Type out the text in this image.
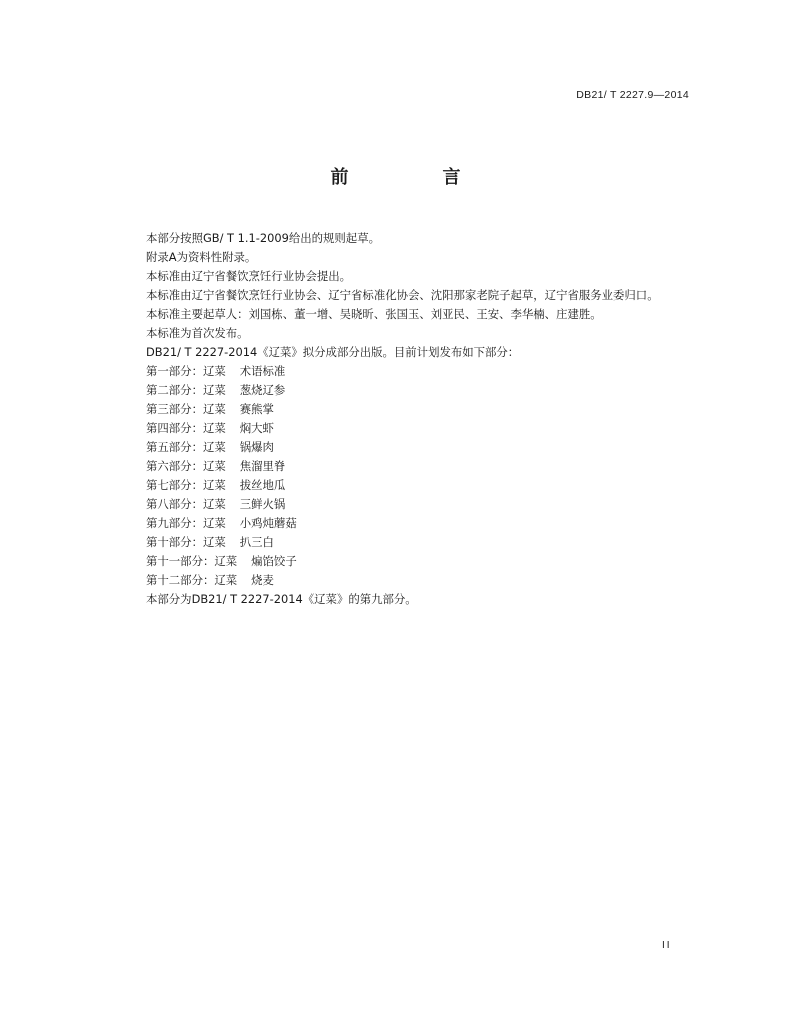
DB21/ T 2227.9—2014
前　言

本部分按照GB/ T 1.1-2009给出的规则起草。

附录A为资料性附录。

本标准由辽宁省餐饮烹饪行业协会提出。

本标准由辽宁省餐饮烹饪行业协会、辽宁省标准化协会、沈阳那家老院子起草，辽宁省服务业委归口。

本标准主要起草人：刘国栋、董一增、吴晓昕、张国玉、刘亚民、王安、李华楠、庄建胜。

本标准为首次发布。

DB21/ T 2227-2014《辽菜》拟分成部分出版。目前计划发布如下部分：

第一部分：辽菜 术语标准

第二部分：辽菜 葱烧辽参

第三部分：辽菜 赛熊掌

第四部分：辽菜 焖大虾

第五部分：辽菜 锅爆肉

第六部分：辽菜 焦溜里脊

第七部分：辽菜 拔丝地瓜

第八部分：辽菜 三鲜火锅

第九部分：辽菜 小鸡炖蘑菇

第十部分：辽菜 扒三白

第十一部分：辽菜 煸馅饺子

第十二部分：辽菜 烧麦

本部分为DB21/ T 2227-2014《辽菜》的第九部分。

II
